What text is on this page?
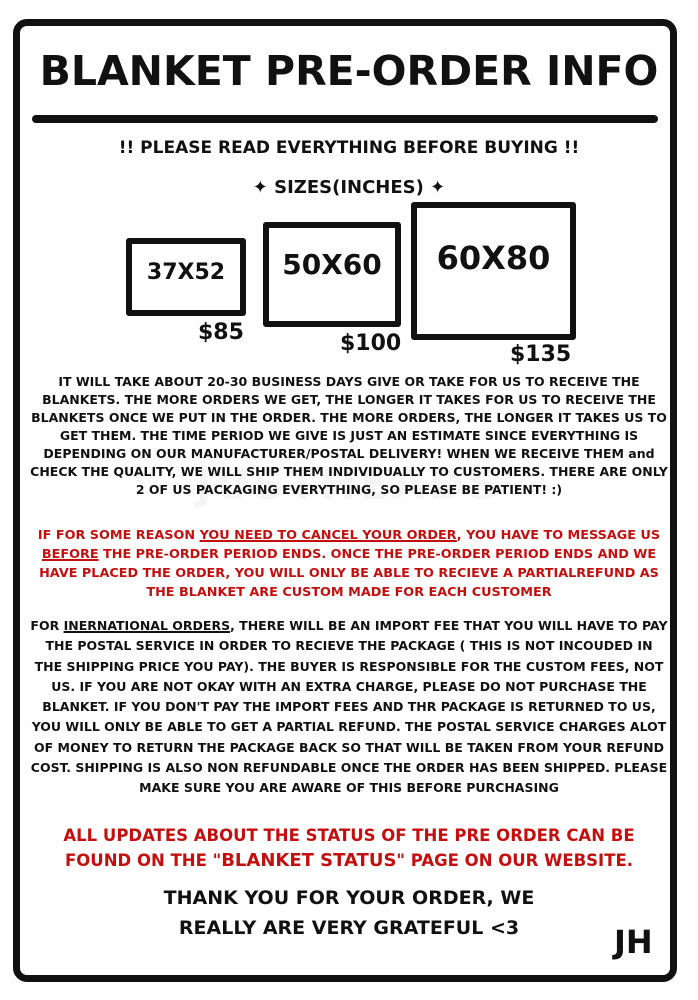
BLANKET PRE-ORDER INFO
!! PLEASE READ EVERYTHING BEFORE BUYING !!
✦ SIZES(INCHES) ✦
37X52 50X60 60X80
$85	$100	$135
IT WILL TAKE ABOUT 20-30 BUSINESS DAYS GIVE OR TAKE FOR US TO RECEIVE THE BLANKETS. THE MORE ORDERS WE GET, THE LONGER IT TAKES FOR US TO RECEIVE THE BLANKETS ONCE WE PUT IN THE ORDER. THE MORE ORDERS, THE LONGER IT TAKES US TO GET THEM. THE TIME PERIOD WE GIVE IS JUST AN ESTIMATE SINCE EVERYTHING IS DEPENDING ON OUR MANUFACTURER/POSTAL DELIVERY! WHEN WE RECEIVE THEM and CHECK THE QUALITY, WE WILL SHIP THEM INDIVIDUALLY TO CUSTOMERS. THERE ARE ONLY 2 OF US PACKAGING EVERYTHING, SO PLEASE BE PATIENT! :)
IF FOR SOME REASON YOU NEED TO CANCEL YOUR ORDER, YOU HAVE TO MESSAGE US BEFORE THE PRE-ORDER PERIOD ENDS. ONCE THE PRE-ORDER PERIOD ENDS AND WE HAVE PLACED THE ORDER, YOU WILL ONLY BE ABLE TO RECIEVE A PARTIALREFUND AS THE BLANKET ARE CUSTOM MADE FOR EACH CUSTOMER
FOR INERNATIONAL ORDERS, THERE WILL BE AN IMPORT FEE THAT YOU WILL HAVE TO PAY THE POSTAL SERVICE IN ORDER TO RECIEVE THE PACKAGE ( THIS IS NOT INCOUDED IN THE SHIPPING PRICE YOU PAY). THE BUYER IS RESPONSIBLE FOR THE CUSTOM FEES, NOT US. IF YOU ARE NOT OKAY WITH AN EXTRA CHARGE, PLEASE DO NOT PURCHASE THE BLANKET. IF YOU DON'T PAY THE IMPORT FEES AND THR PACKAGE IS RETURNED TO US, YOU WILL ONLY BE ABLE TO GET A PARTIAL REFUND. THE POSTAL SERVICE CHARGES ALOT OF MONEY TO RETURN THE PACKAGE BACK SO THAT WILL BE TAKEN FROM YOUR REFUND COST. SHIPPING IS ALSO NON REFUNDABLE ONCE THE ORDER HAS BEEN SHIPPED. PLEASE MAKE SURE YOU ARE AWARE OF THIS BEFORE PURCHASING
ALL UPDATES ABOUT THE STATUS OF THE PRE ORDER CAN BE
FOUND ON THE "BLANKET STATUS" PAGE ON OUR WEBSITE.
THANK YOU FOR YOUR ORDER, WE
REALLY ARE VERY GRATEFUL <3	JH
